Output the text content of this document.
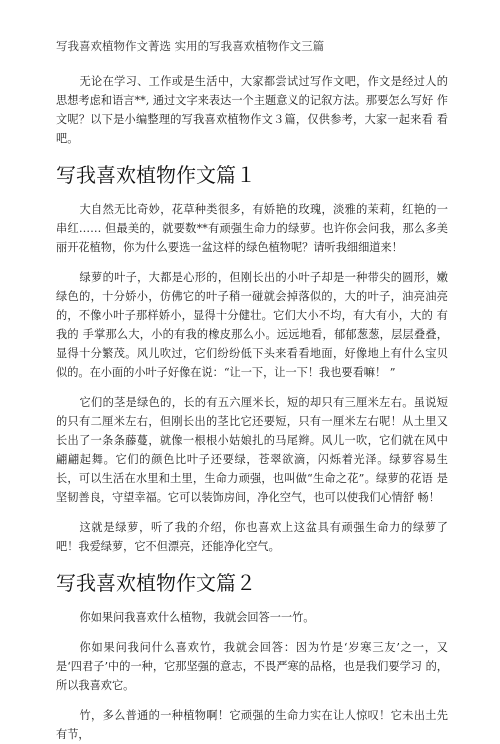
写我喜欢植物作文菁选 实用的写我喜欢植物作文三篇

无论在学习、工作或是生活中，大家都尝试过写作文吧，作文是经过人的 思想考虑和语言**, 通过文字来表达一个主题意义的记叙方法。那要怎么写好 作文呢？以下是小编整理的写我喜欢植物作文３篇，仅供参考，大家一起来看 看吧。

写我喜欢植物作文篇１

大自然无比奇妙，花草种类很多，有娇艳的玫瑰，淡雅的茉莉，红艳的一 串红…… 但最美的，就要数**有顽强生命力的绿萝。也许你会问我，那么多美 丽开花植物，你为什么要选一盆这样的绿色植物呢？请听我细细道来！

绿萝的叶子，大都是心形的，但刚长出的小叶子却是一种带尖的圆形，嫩 绿色的，十分娇小，仿佛它的叶子稍一碰就会掉落似的，大的叶子，油亮油亮 的，不像小叶子那样娇小，显得十分健壮。它们大小不均，有大有小，大的 有 我的 手掌那么大，小的有我的橡皮那么小。远远地看，郁郁葱葱，层层叠叠， 显得十分繁茂。风儿吹过，它们纷纷低下头来看看地面，好像地上有什么宝贝 似的。在小面的小叶子好像在说：“让一下，让一下！我也要看嘛！ ”

它们的茎是绿色的，长的有五六厘米长，短的却只有三厘米左右。虽说短 的只有二厘米左右，但刚长出的茎比它还要短，只有一厘米左右呢！从土里又 长出了一条条藤蔓，就像一根根小姑娘扎的马尾辫。风儿一吹，它们就在风中 翩翩起舞。它们的颜色比叶子还要绿，苍翠欲滴，闪烁着光泽。绿萝容易生 长，可以生活在水里和土里，生命力顽强，也叫做“生命之花”。绿萝的花语 是坚韧善良，守望幸福。它可以装饰房间，净化空气，也可以使我们心情舒 畅！

这就是绿萝，听了我的介绍，你也喜欢上这盆具有顽强生命力的绿萝了 吧！我爱绿萝，它不但漂亮，还能净化空气。

写我喜欢植物作文篇２

你如果问我喜欢什么植物，我就会回答一一竹。

你如果问我问什么喜欢竹，我就会回答：因为竹是‘岁寒三友’之一，又 是‘四君子’中的一种，它那坚强的意志，不畏严寒的品格，也是我们要学习 的，所以我喜欢它。

竹，多么普通的一种植物啊！它顽强的生命力实在让人惊叹！它未出土先 有节，
